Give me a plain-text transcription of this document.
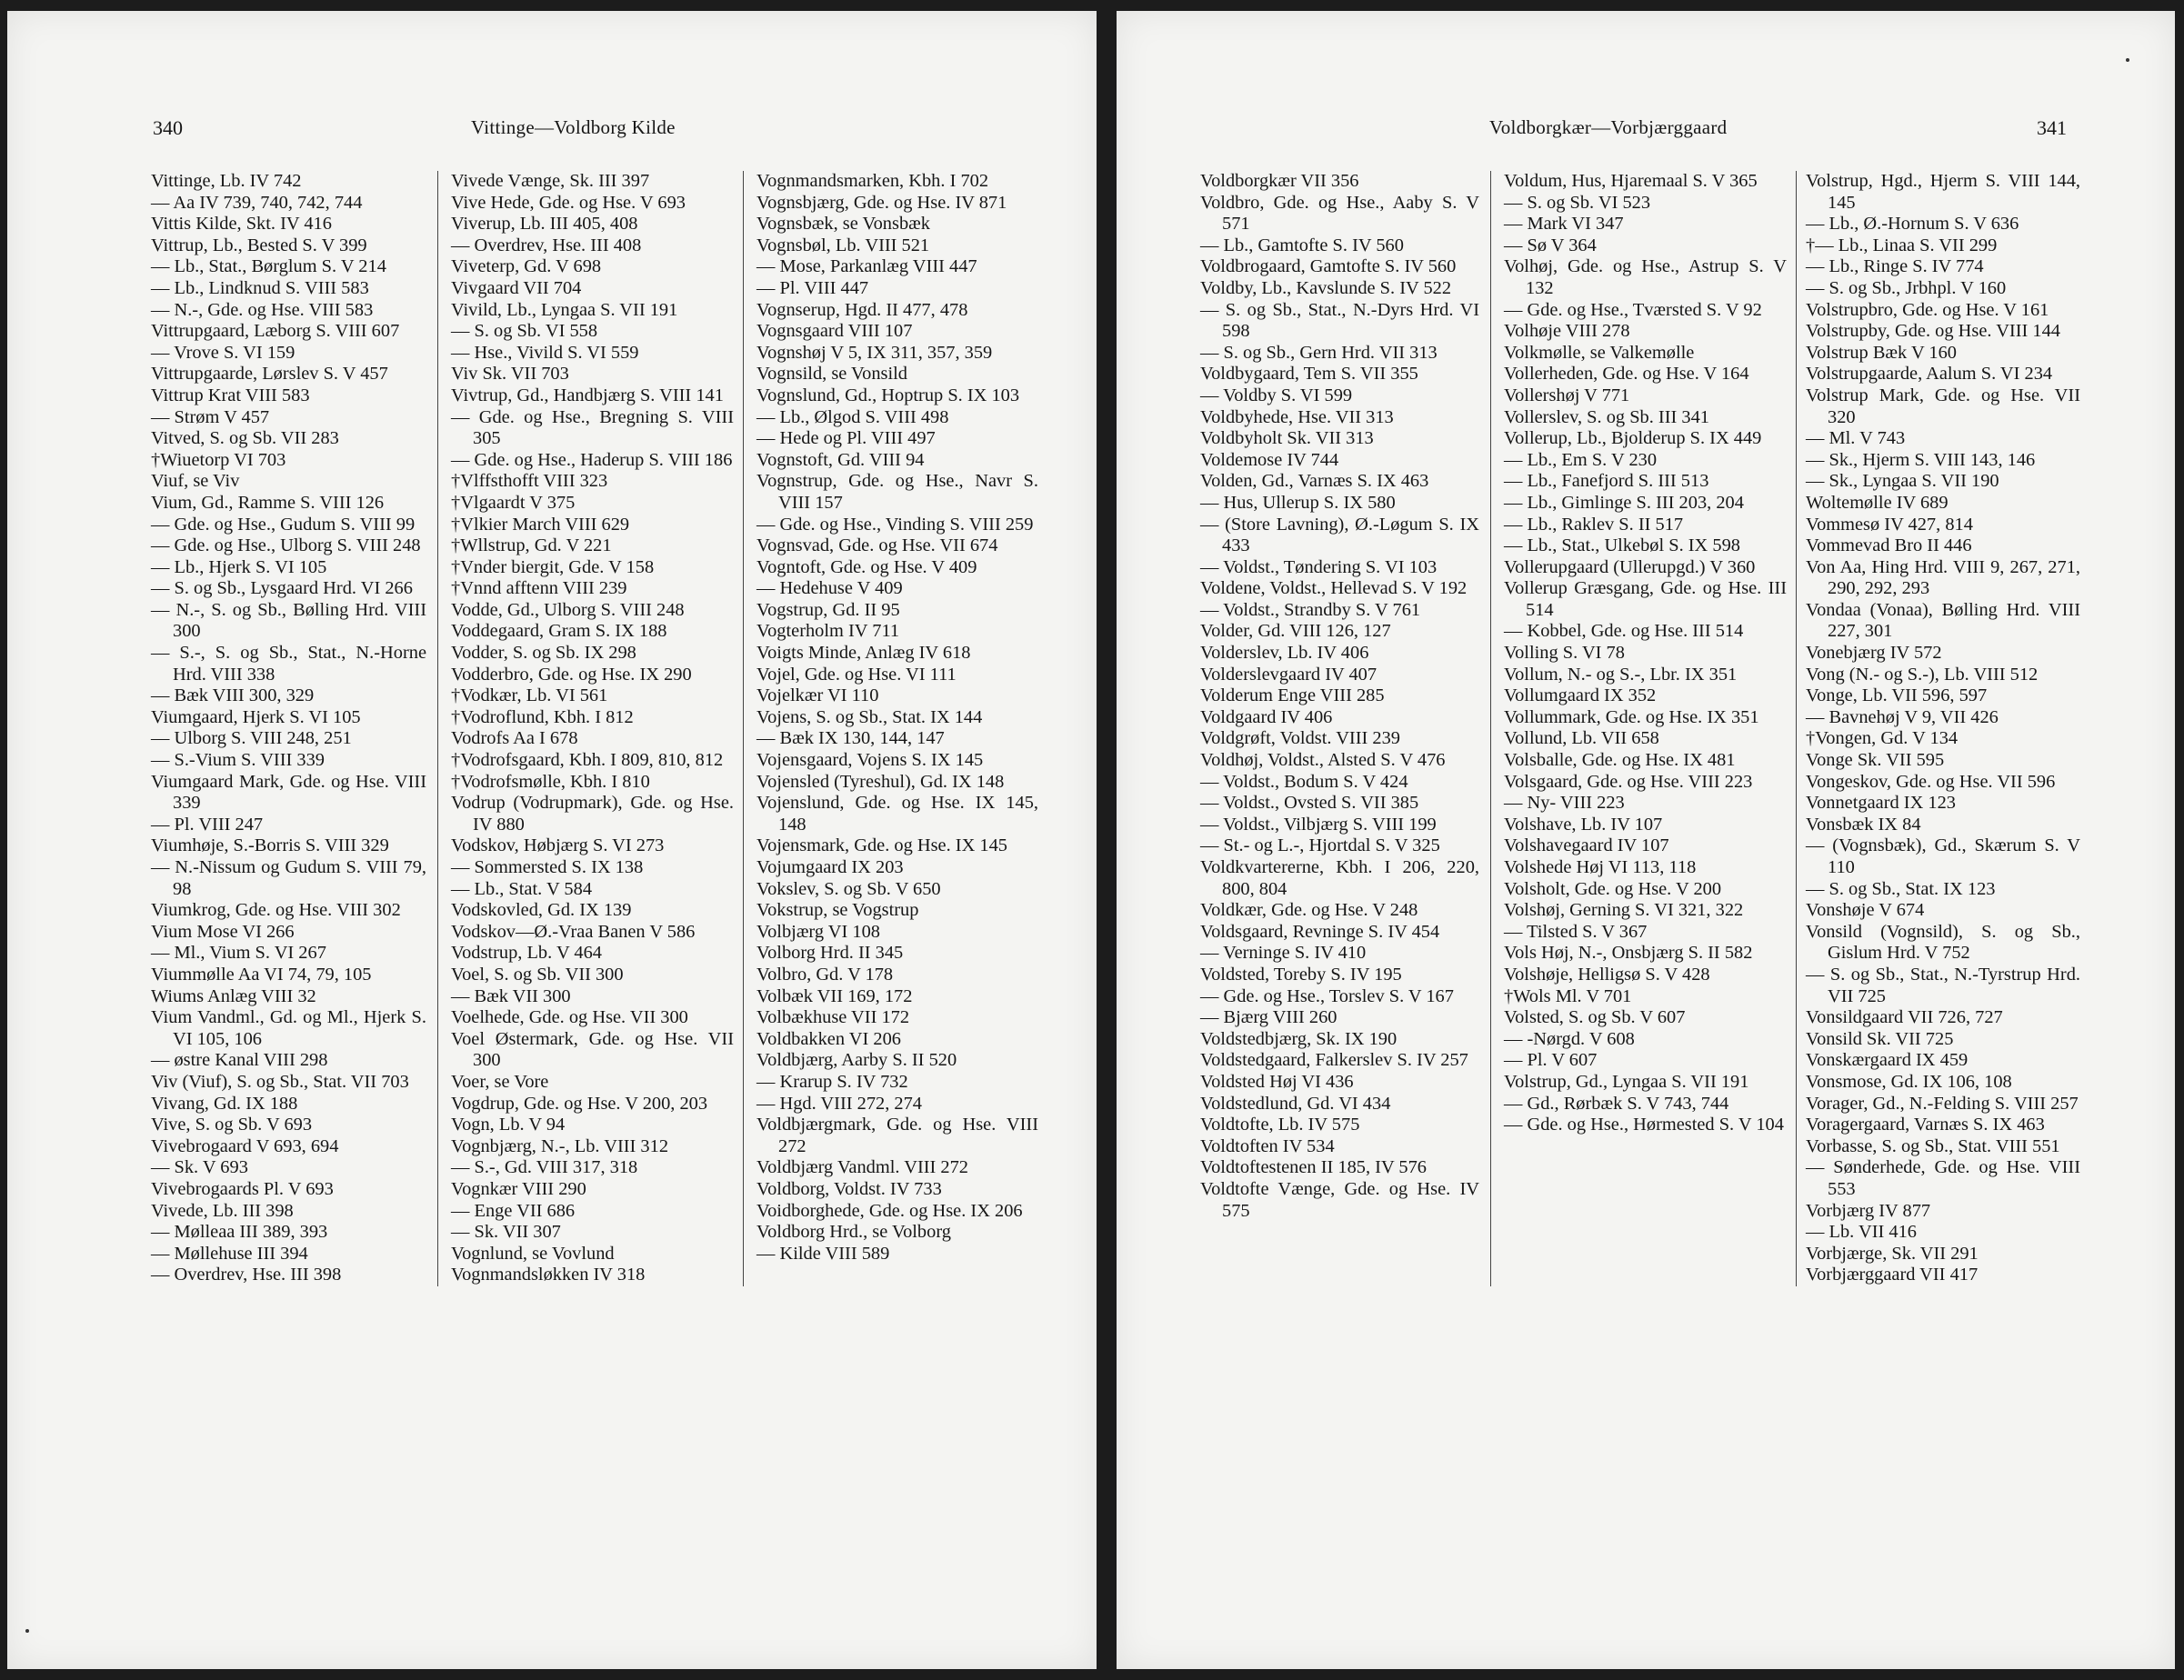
340	Vittinge—Voldborg Kilde
Vittinge, Lb. IV 742
— Aa IV 739, 740, 742, 744
Vittis Kilde, Skt. IV 416
Vittrup, Lb., Bested S. V 399
— Lb., Stat., Børglum S. V 214
— Lb., Lindknud S. VIII 583
— N.-, Gde. og Hse. VIII 583
Vittrupgaard, Læborg S. VIII 607
— Vrove S. VI 159
Vittrupgaarde, Lørslev S. V 457
Vittrup Krat VIII 583
— Strøm V 457
Vitved, S. og Sb. VII 283
†Wiuetorp VI 703
Viuf, se Viv
Vium, Gd., Ramme S. VIII 126
— Gde. og Hse., Gudum S. VIII 99
— Gde. og Hse., Ulborg S. VIII 248
— Lb., Hjerk S. VI 105
— S. og Sb., Lysgaard Hrd. VI 266
— N.-, S. og Sb., Bølling Hrd. VIII 300
— S.-, S. og Sb., Stat., N.-Horne Hrd. VIII 338
— Bæk VIII 300, 329
Viumgaard, Hjerk S. VI 105
— Ulborg S. VIII 248, 251
— S.-Vium S. VIII 339
Viumgaard Mark, Gde. og Hse. VIII 339
— Pl. VIII 247
Viumhøje, S.-Borris S. VIII 329
— N.-Nissum og Gudum S. VIII 79, 98
Viumkrog, Gde. og Hse. VIII 302
Vium Mose VI 266
— Ml., Vium S. VI 267
Viummølle Aa VI 74, 79, 105
Wiums Anlæg VIII 32
Vium Vandml., Gd. og Ml., Hjerk S. VI 105, 106
— østre Kanal VIII 298
Viv (Viuf), S. og Sb., Stat. VII 703
Vivang, Gd. IX 188
Vive, S. og Sb. V 693
Vivebrogaard V 693, 694
— Sk. V 693
Vivebrogaards Pl. V 693
Vivede, Lb. III 398
— Mølleaa III 389, 393
— Møllehuse III 394
— Overdrev, Hse. III 398
Vivede Vænge, Sk. III 397
Vive Hede, Gde. og Hse. V 693
Viverup, Lb. III 405, 408
— Overdrev, Hse. III 408
Viveterp, Gd. V 698
Vivgaard VII 704
Vivild, Lb., Lyngaa S. VII 191
— S. og Sb. VI 558
— Hse., Vivild S. VI 559
Viv Sk. VII 703
Vivtrup, Gd., Handbjærg S. VIII 141
— Gde. og Hse., Bregning S. VIII 305
— Gde. og Hse., Haderup S. VIII 186
†Vlffsthofft VIII 323
†Vlgaardt V 375
†Vlkier March VIII 629
†Wllstrup, Gd. V 221
†Vnder biergit, Gde. V 158
†Vnnd afftenn VIII 239
Vodde, Gd., Ulborg S. VIII 248
Voddegaard, Gram S. IX 188
Vodder, S. og Sb. IX 298
Vodderbro, Gde. og Hse. IX 290
†Vodkær, Lb. VI 561
†Vodroflund, Kbh. I 812
Vodrofs Aa I 678
†Vodrofsgaard, Kbh. I 809, 810, 812
†Vodrofsmølle, Kbh. I 810
Vodrup (Vodrupmark), Gde. og Hse. IV 880
Vodskov, Høbjærg S. VI 273
— Sommersted S. IX 138
— Lb., Stat. V 584
Vodskovled, Gd. IX 139
Vodskov—Ø.-Vraa Banen V 586
Vodstrup, Lb. V 464
Voel, S. og Sb. VII 300
— Bæk VII 300
Voelhede, Gde. og Hse. VII 300
Voel Østermark, Gde. og Hse. VII 300
Voer, se Vore
Vogdrup, Gde. og Hse. V 200, 203
Vogn, Lb. V 94
Vognbjærg, N.-, Lb. VIII 312
— S.-, Gd. VIII 317, 318
Vognkær VIII 290
— Enge VII 686
— Sk. VII 307
Vognlund, se Vovlund
Vognmandsløkken IV 318
Vognmandsmarken, Kbh. I 702
Vognsbjærg, Gde. og Hse. IV 871
Vognsbæk, se Vonsbæk
Vognsbøl, Lb. VIII 521
— Mose, Parkanlæg VIII 447
— Pl. VIII 447
Vognserup, Hgd. II 477, 478
Vognsgaard VIII 107
Vognshøj V 5, IX 311, 357, 359
Vognsild, se Vonsild
Vognslund, Gd., Hoptrup S. IX 103
— Lb., Ølgod S. VIII 498
— Hede og Pl. VIII 497
Vognstoft, Gd. VIII 94
Vognstrup, Gde. og Hse., Navr S. VIII 157
— Gde. og Hse., Vinding S. VIII 259
Vognsvad, Gde. og Hse. VII 674
Vogntoft, Gde. og Hse. V 409
— Hedehuse V 409
Vogstrup, Gd. II 95
Vogterholm IV 711
Voigts Minde, Anlæg IV 618
Vojel, Gde. og Hse. VI 111
Vojelkær VI 110
Vojens, S. og Sb., Stat. IX 144
— Bæk IX 130, 144, 147
Vojensgaard, Vojens S. IX 145
Vojensled (Tyreshul), Gd. IX 148
Vojenslund, Gde. og Hse. IX 145, 148
Vojensmark, Gde. og Hse. IX 145
Vojumgaard IX 203
Vokslev, S. og Sb. V 650
Vokstrup, se Vogstrup
Volbjærg VI 108
Volborg Hrd. II 345
Volbro, Gd. V 178
Volbæk VII 169, 172
Volbækhuse VII 172
Voldbakken VI 206
Voldbjærg, Aarby S. II 520
— Krarup S. IV 732
— Hgd. VIII 272, 274
Voldbjærgmark, Gde. og Hse. VIII 272
Voldbjærg Vandml. VIII 272
Voldborg, Voldst. IV 733
Voidborghede, Gde. og Hse. IX 206
Voldborg Hrd., se Volborg
— Kilde VIII 589
Voldborgkær—Vorbjærggaard	341
Voldborgkær VII 356
Voldbro, Gde. og Hse., Aaby S. V 571
— Lb., Gamtofte S. IV 560
Voldbrogaard, Gamtofte S. IV 560
Voldby, Lb., Kavslunde S. IV 522
— S. og Sb., Stat., N.-Dyrs Hrd. VI 598
— S. og Sb., Gern Hrd. VII 313
Voldbygaard, Tem S. VII 355
— Voldby S. VI 599
Voldbyhede, Hse. VII 313
Voldbyholt Sk. VII 313
Voldemose IV 744
Volden, Gd., Varnæs S. IX 463
— Hus, Ullerup S. IX 580
— (Store Lavning), Ø.-Løgum S. IX 433
— Voldst., Tøndering S. VI 103
Voldene, Voldst., Hellevad S. V 192
— Voldst., Strandby S. V 761
Volder, Gd. VIII 126, 127
Volderslev, Lb. IV 406
Volderslevgaard IV 407
Volderum Enge VIII 285
Voldgaard IV 406
Voldgrøft, Voldst. VIII 239
Voldhøj, Voldst., Alsted S. V 476
— Voldst., Bodum S. V 424
— Voldst., Ovsted S. VII 385
— Voldst., Vilbjærg S. VIII 199
— St.- og L.-, Hjortdal S. V 325
Voldkvartererne, Kbh. I 206, 220, 800, 804
Voldkær, Gde. og Hse. V 248
Voldsgaard, Revninge S. IV 454
— Verninge S. IV 410
Voldsted, Toreby S. IV 195
— Gde. og Hse., Torslev S. V 167
— Bjærg VIII 260
Voldstedbjærg, Sk. IX 190
Voldstedgaard, Falkerslev S. IV 257
Voldsted Høj VI 436
Voldstedlund, Gd. VI 434
Voldtofte, Lb. IV 575
Voldtoften IV 534
Voldtoftestenen II 185, IV 576
Voldtofte Vænge, Gde. og Hse. IV 575
Voldum, Hus, Hjaremaal S. V 365
— S. og Sb. VI 523
— Mark VI 347
— Sø V 364
Volhøj, Gde. og Hse., Astrup S. V 132
— Gde. og Hse., Tværsted S. V 92
Volhøje VIII 278
Volkmølle, se Valkemølle
Vollerheden, Gde. og Hse. V 164
Vollershøj V 771
Vollerslev, S. og Sb. III 341
Vollerup, Lb., Bjolderup S. IX 449
— Lb., Em S. V 230
— Lb., Fanefjord S. III 513
— Lb., Gimlinge S. III 203, 204
— Lb., Raklev S. II 517
— Lb., Stat., Ulkebøl S. IX 598
Vollerupgaard (Ullerupgd.) V 360
Vollerup Græsgang, Gde. og Hse. III 514
— Kobbel, Gde. og Hse. III 514
Volling S. VI 78
Vollum, N.- og S.-, Lbr. IX 351
Vollumgaard IX 352
Vollummark, Gde. og Hse. IX 351
Vollund, Lb. VII 658
Volsballe, Gde. og Hse. IX 481
Volsgaard, Gde. og Hse. VIII 223
— Ny- VIII 223
Volshave, Lb. IV 107
Volshavegaard IV 107
Volshede Høj VI 113, 118
Volsholt, Gde. og Hse. V 200
Volshøj, Gerning S. VI 321, 322
— Tilsted S. V 367
Vols Høj, N.-, Onsbjærg S. II 582
Volshøje, Helligsø S. V 428
†Wols Ml. V 701
Volsted, S. og Sb. V 607
— -Nørgd. V 608
— Pl. V 607
Volstrup, Gd., Lyngaa S. VII 191
— Gd., Rørbæk S. V 743, 744
— Gde. og Hse., Hørmested S. V 104
Volstrup, Hgd., Hjerm S. VIII 144, 145
— Lb., Ø.-Hornum S. V 636
†— Lb., Linaa S. VII 299
— Lb., Ringe S. IV 774
— S. og Sb., Jrbhpl. V 160
Volstrupbro, Gde. og Hse. V 161
Volstrupby, Gde. og Hse. VIII 144
Volstrup Bæk V 160
Volstrupgaarde, Aalum S. VI 234
Volstrup Mark, Gde. og Hse. VII 320
— Ml. V 743
— Sk., Hjerm S. VIII 143, 146
— Sk., Lyngaa S. VII 190
Woltemølle IV 689
Vommesø IV 427, 814
Vommevad Bro II 446
Von Aa, Hing Hrd. VIII 9, 267, 271, 290, 292, 293
Vondaa (Vonaa), Bølling Hrd. VIII 227, 301
Vonebjærg IV 572
Vong (N.- og S.-), Lb. VIII 512
Vonge, Lb. VII 596, 597
— Bavnehøj V 9, VII 426
†Vongen, Gd. V 134
Vonge Sk. VII 595
Vongeskov, Gde. og Hse. VII 596
Vonnetgaard IX 123
Vonsbæk IX 84
— (Vognsbæk), Gd., Skærum S. V 110
— S. og Sb., Stat. IX 123
Vonshøje V 674
Vonsild (Vognsild), S. og Sb., Gislum Hrd. V 752
— S. og Sb., Stat., N.-Tyrstrup Hrd. VII 725
Vonsildgaard VII 726, 727
Vonsild Sk. VII 725
Vonskærgaard IX 459
Vonsmose, Gd. IX 106, 108
Vorager, Gd., N.-Felding S. VIII 257
Voragergaard, Varnæs S. IX 463
Vorbasse, S. og Sb., Stat. VIII 551
— Sønderhede, Gde. og Hse. VIII 553
Vorbjærg IV 877
— Lb. VII 416
Vorbjærge, Sk. VII 291
Vorbjærggaard VII 417
